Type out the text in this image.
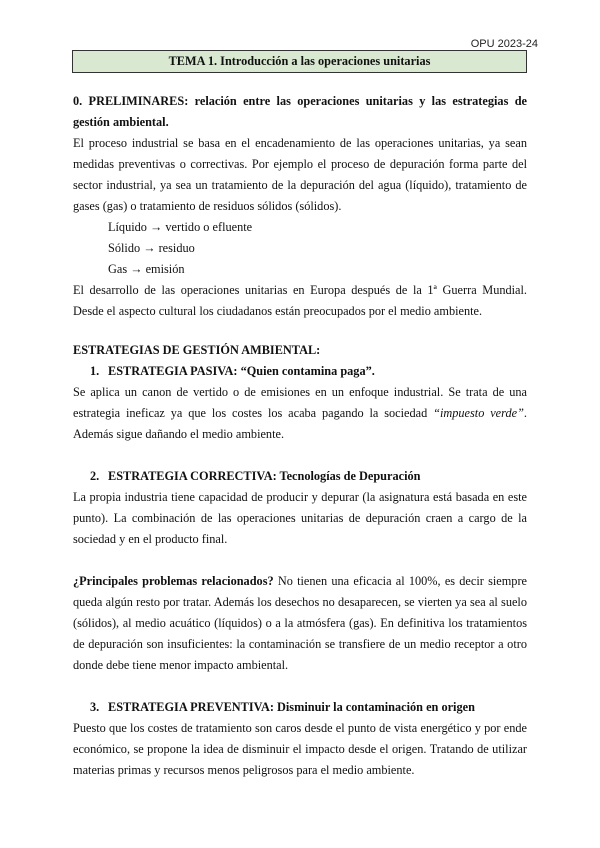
OPU 2023-24
TEMA 1. Introducción a las operaciones unitarias

0. PRELIMINARES: relación entre las operaciones unitarias y las estrategias de gestión ambiental.

El proceso industrial se basa en el encadenamiento de las operaciones unitarias, ya sean medidas preventivas o correctivas. Por ejemplo el proceso de depuración forma parte del sector industrial, ya sea un tratamiento de la depuración del agua (líquido), tratamiento de gases (gas) o tratamiento de residuos sólidos (sólidos).

Líquido → vertido o efluente

Sólido → residuo

Gas → emisión

El desarrollo de las operaciones unitarias en Europa después de la 1ª Guerra Mundial. Desde el aspecto cultural los ciudadanos están preocupados por el medio ambiente.

ESTRATEGIAS DE GESTIÓN AMBIENTAL:

1. ESTRATEGIA PASIVA: “Quien contamina paga”.

Se aplica un canon de vertido o de emisiones en un enfoque industrial. Se trata de una estrategia ineficaz ya que los costes los acaba pagando la sociedad “impuesto verde”. Además sigue dañando el medio ambiente.

2. ESTRATEGIA CORRECTIVA: Tecnologías de Depuración

La propia industria tiene capacidad de producir y depurar (la asignatura está basada en este punto). La combinación de las operaciones unitarias de depuración craen a cargo de la sociedad y en el producto final.

¿Principales problemas relacionados? No tienen una eficacia al 100%, es decir siempre queda algún resto por tratar. Además los desechos no desaparecen, se vierten ya sea al suelo (sólidos), al medio acuático (líquidos) o a la atmósfera (gas). En definitiva los tratamientos de depuración son insuficientes: la contaminación se transfiere de un medio receptor a otro donde debe tiene menor impacto ambiental.

3. ESTRATEGIA PREVENTIVA: Disminuir la contaminación en origen

Puesto que los costes de tratamiento son caros desde el punto de vista energético y por ende económico, se propone la idea de disminuir el impacto desde el origen. Tratando de utilizar materias primas y recursos menos peligrosos para el medio ambiente.
